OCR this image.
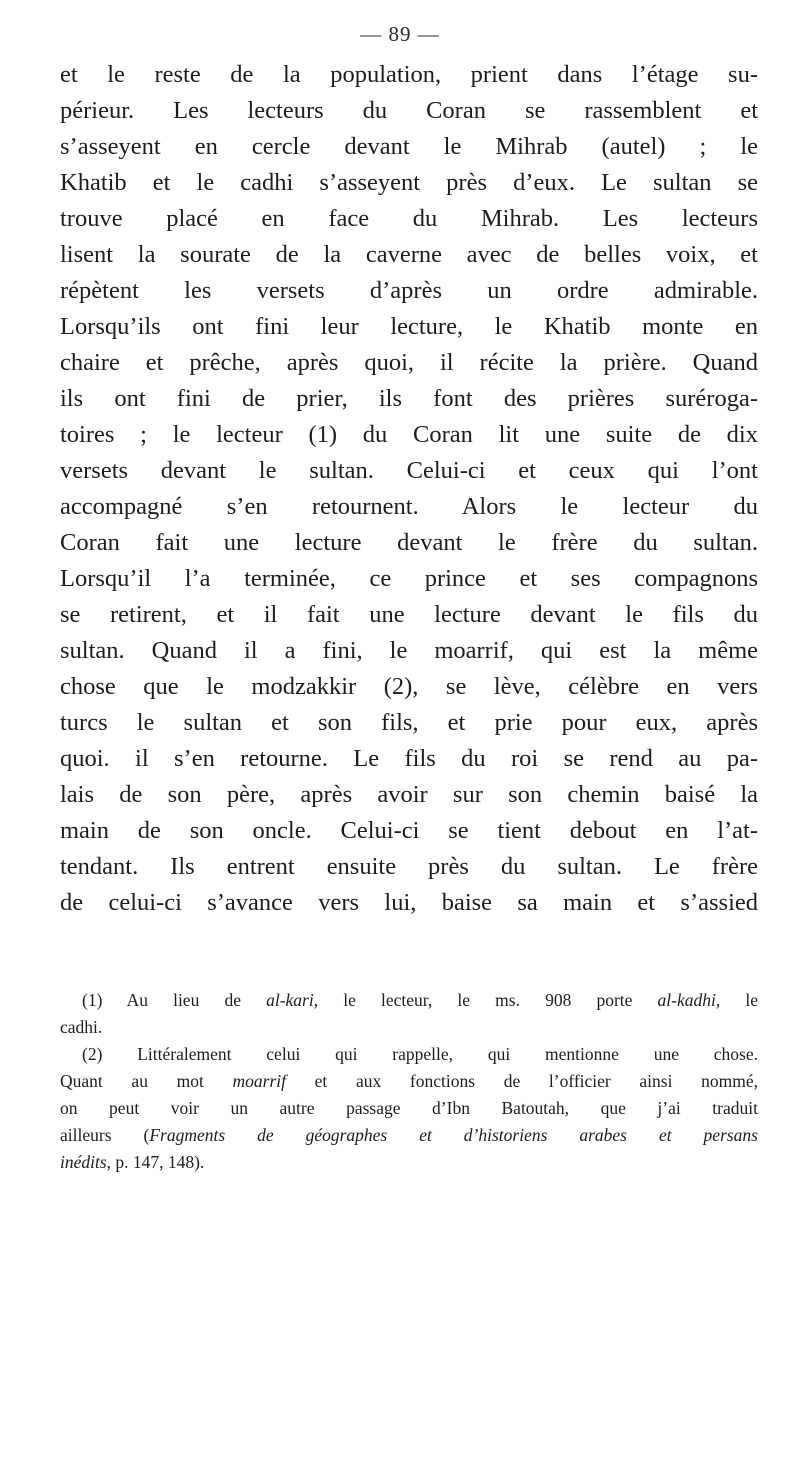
— 89 —
et le reste de la population, prient dans l’étage su-
périeur. Les lecteurs du Coran se rassemblent et
s’asseyent en cercle devant le Mihrab (autel) ; le
Khatib et le cadhi s’asseyent près d’eux. Le sultan se
trouve placé en face du Mihrab. Les lecteurs
lisent la sourate de la caverne avec de belles voix, et
répètent les versets d’après un ordre admirable.
Lorsqu’ils ont fini leur lecture, le Khatib monte en
chaire et prêche, après quoi, il récite la prière. Quand
ils ont fini de prier, ils font des prières suréroga-
toires ; le lecteur (1) du Coran lit une suite de dix
versets devant le sultan. Celui-ci et ceux qui l’ont
accompagné s’en retournent. Alors le lecteur du
Coran fait une lecture devant le frère du sultan.
Lorsqu’il l’a terminée, ce prince et ses compagnons
se retirent, et il fait une lecture devant le fils du
sultan. Quand il a fini, le moarrif, qui est la même
chose que le modzakkir (2), se lève, célèbre en vers
turcs le sultan et son fils, et prie pour eux, après
quoi. il s’en retourne. Le fils du roi se rend au pa-
lais de son père, après avoir sur son chemin baisé la
main de son oncle. Celui-ci se tient debout en l’at-
tendant. Ils entrent ensuite près du sultan. Le frère
de celui-ci s’avance vers lui, baise sa main et s’assied
(1) Au lieu de al-kari, le lecteur, le ms. 908 porte al-kadhi, le
cadhi.
(2) Littéralement celui qui rappelle, qui mentionne une chose.
Quant au mot moarrif et aux fonctions de l’officier ainsi nommé,
on peut voir un autre passage d’Ibn Batoutah, que j’ai traduit
ailleurs (Fragments de géographes et d’historiens arabes et persans
inédits, p. 147, 148).
